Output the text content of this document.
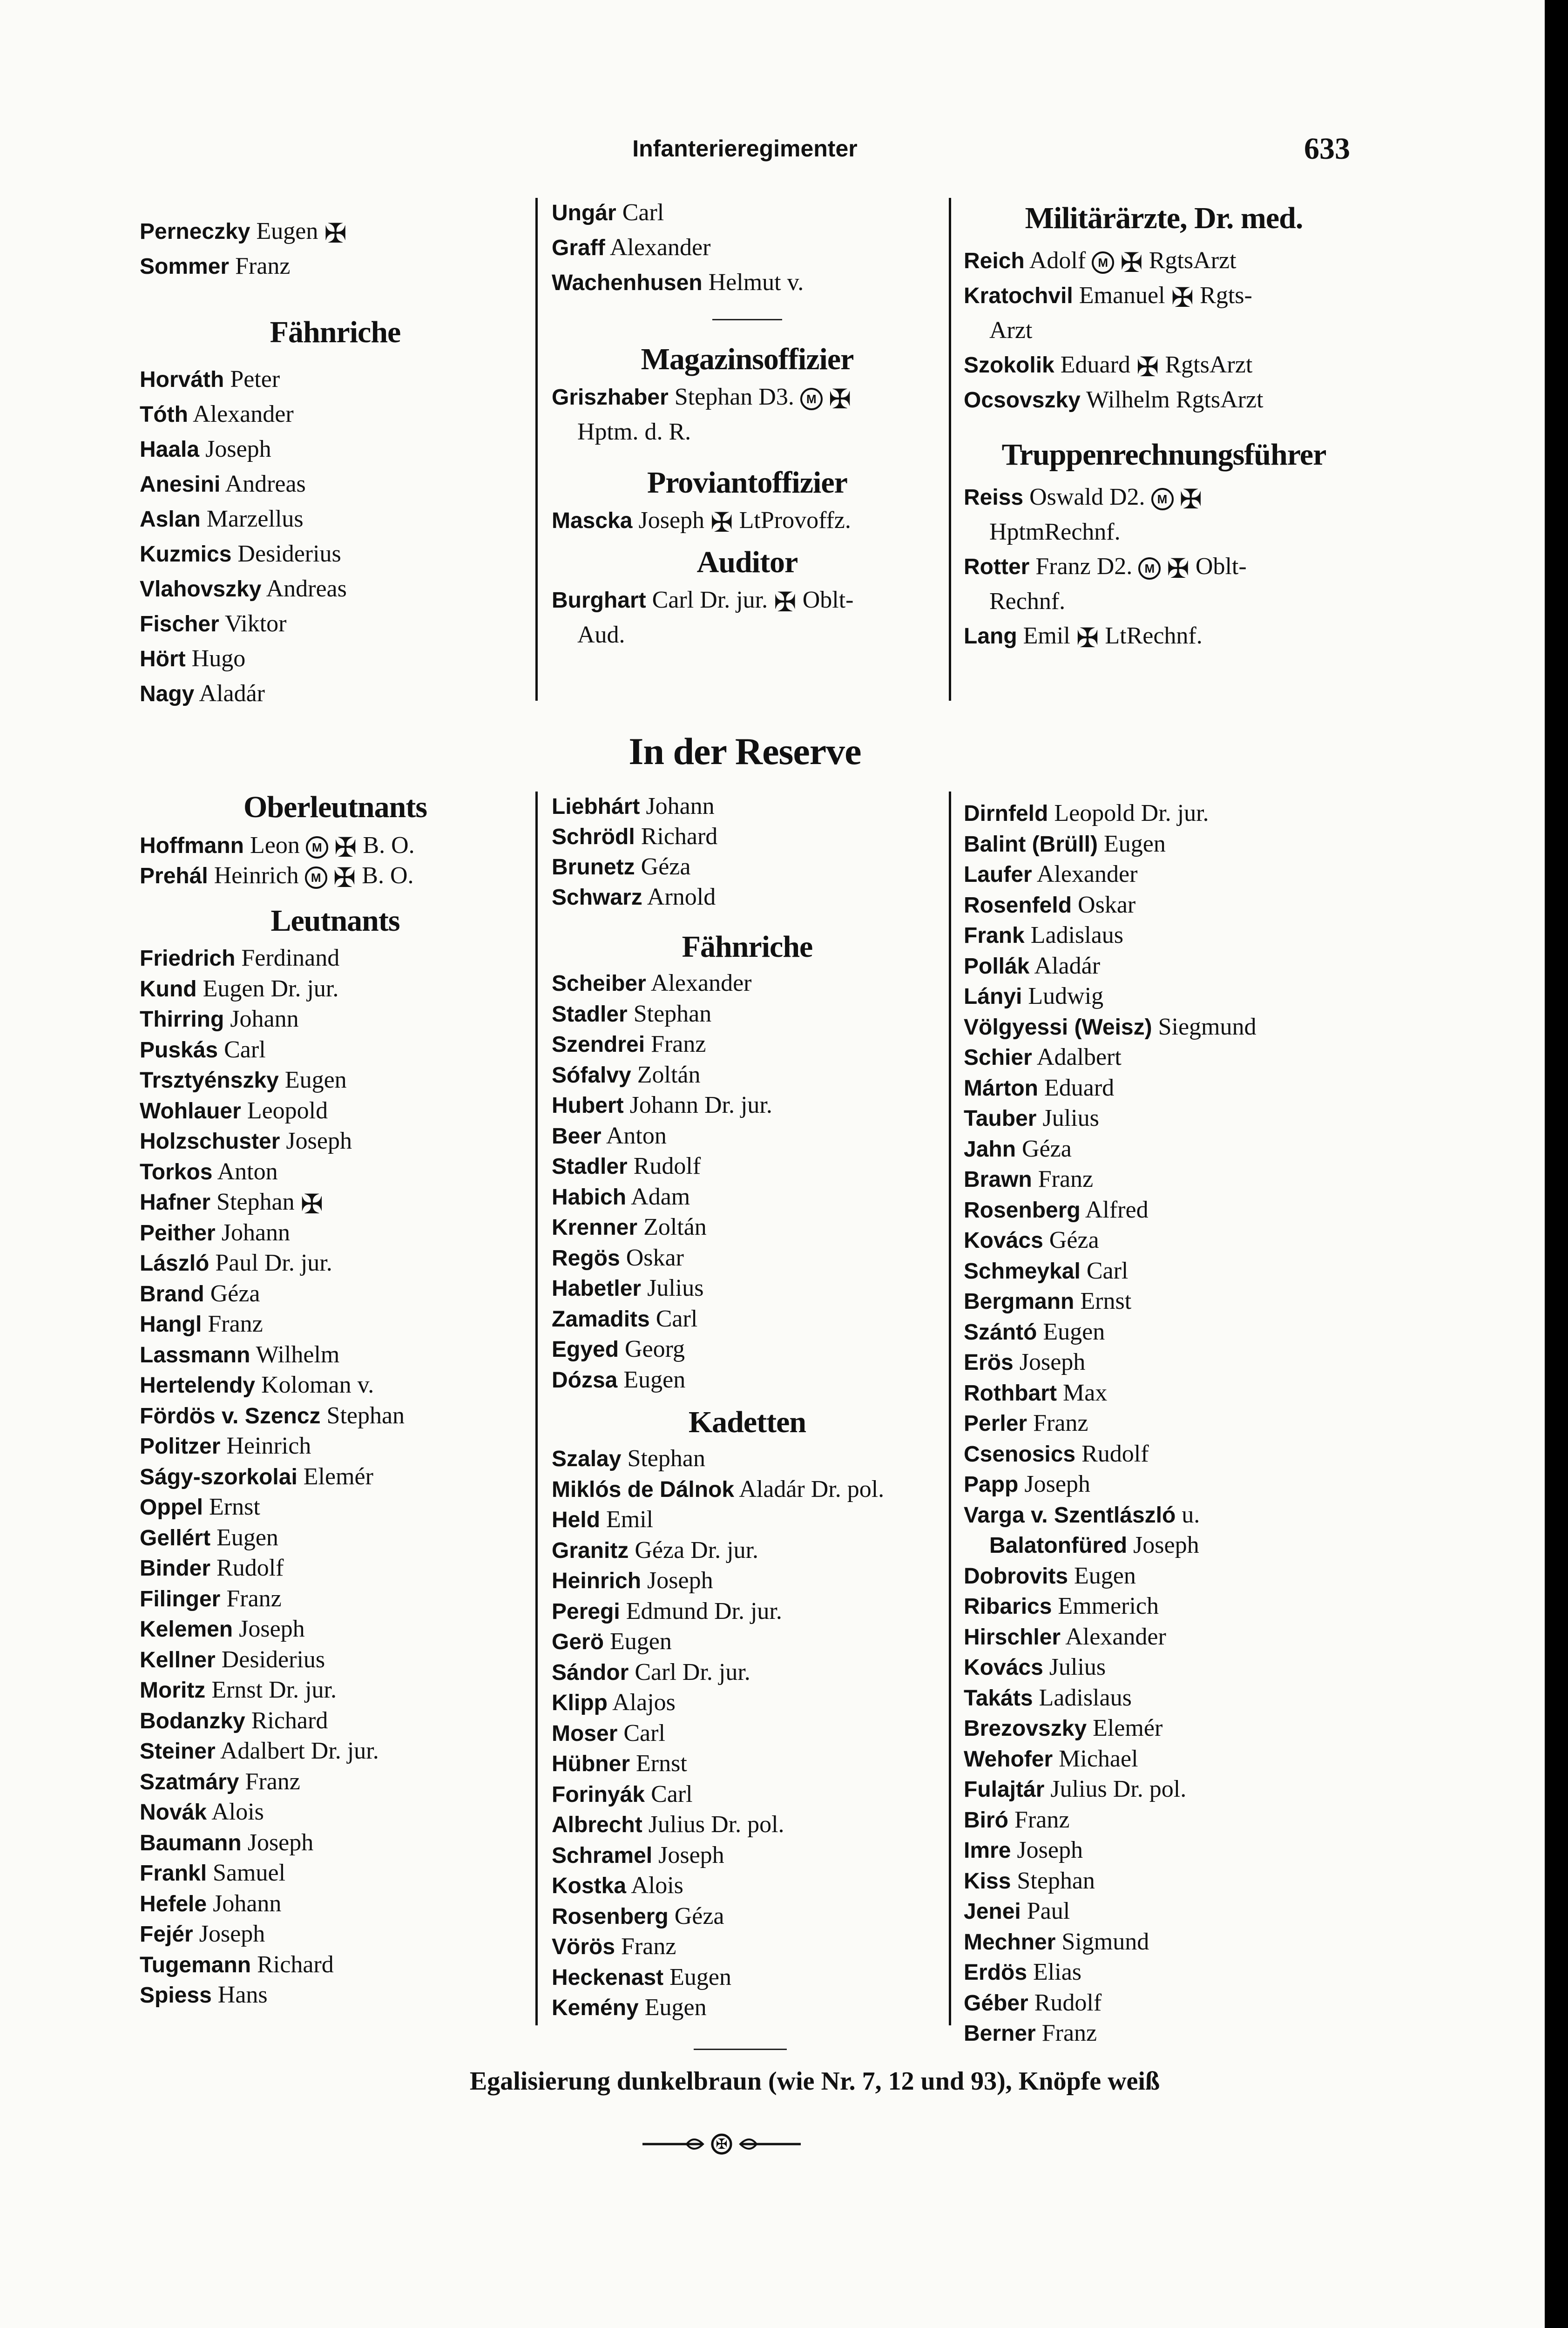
Infanterieregimenter	633
Perneczky Eugen ✠
Sommer Franz
Fähnriche
Horváth Peter
Tóth Alexander
Haala Joseph
Anesini Andreas
Aslan Marzellus
Kuzmics Desiderius
Vlahovszky Andreas
Fischer Viktor
Hört Hugo
Nagy Aladár
Ungár Carl
Graff Alexander
Wachenhusen Helmut v.
Magazinsoffizier
Griszhaber Stephan D3. M ✠
Hptm. d. R.
Proviantoffizier
Mascka Joseph ✠ LtProvoffz.
Auditor
Burghart Carl Dr. jur. ✠ Oblt-
Aud.
Militärärzte, Dr. med.
Reich Adolf M ✠ RgtsArzt
Kratochvil Emanuel ✠ Rgts-
Arzt
Szokolik Eduard ✠ RgtsArzt
Ocsovszky Wilhelm RgtsArzt
Truppenrechnungsführer
Reiss Oswald D2. M ✠
HptmRechnf.
Rotter Franz D2. M ✠ Oblt-
Rechnf.
Lang Emil ✠ LtRechnf.
In der Reserve
Oberleutnants
Hoffmann Leon M ✠ B. O.
Prehál Heinrich M ✠ B. O.
Leutnants
Friedrich Ferdinand
Kund Eugen Dr. jur.
Thirring Johann
Puskás Carl
Trsztyénszky Eugen
Wohlauer Leopold
Holzschuster Joseph
Torkos Anton
Hafner Stephan ✠
Peither Johann
László Paul Dr. jur.
Brand Géza
Hangl Franz
Lassmann Wilhelm
Hertelendy Koloman v.
Fördös v. Szencz Stephan
Politzer Heinrich
Ságy-szorkolai Elemér
Oppel Ernst
Gellért Eugen
Binder Rudolf
Filinger Franz
Kelemen Joseph
Kellner Desiderius
Moritz Ernst Dr. jur.
Bodanzky Richard
Steiner Adalbert Dr. jur.
Szatmáry Franz
Novák Alois
Baumann Joseph
Frankl Samuel
Hefele Johann
Fejér Joseph
Tugemann Richard
Spiess Hans
Liebhárt Johann
Schrödl Richard
Brunetz Géza
Schwarz Arnold
Fähnriche
Scheiber Alexander
Stadler Stephan
Szendrei Franz
Sófalvy Zoltán
Hubert Johann Dr. jur.
Beer Anton
Stadler Rudolf
Habich Adam
Krenner Zoltán
Regös Oskar
Habetler Julius
Zamadits Carl
Egyed Georg
Dózsa Eugen
Kadetten
Szalay Stephan
Miklós de Dálnok Aladár Dr. pol.
Held Emil
Granitz Géza Dr. jur.
Heinrich Joseph
Peregi Edmund Dr. jur.
Gerö Eugen
Sándor Carl Dr. jur.
Klipp Alajos
Moser Carl
Hübner Ernst
Forinyák Carl
Albrecht Julius Dr. pol.
Schramel Joseph
Kostka Alois
Rosenberg Géza
Vörös Franz
Heckenast Eugen
Kemény Eugen
Dirnfeld Leopold Dr. jur.
Balint (Brüll) Eugen
Laufer Alexander
Rosenfeld Oskar
Frank Ladislaus
Pollák Aladár
Lányi Ludwig
Völgyessi (Weisz) Siegmund
Schier Adalbert
Márton Eduard
Tauber Julius
Jahn Géza
Brawn Franz
Rosenberg Alfred
Kovács Géza
Schmeykal Carl
Bergmann Ernst
Szántó Eugen
Erös Joseph
Rothbart Max
Perler Franz
Csenosics Rudolf
Papp Joseph
Varga v. Szentlászló u.
Balatonfüred Joseph
Dobrovits Eugen
Ribarics Emmerich
Hirschler Alexander
Kovács Julius
Takáts Ladislaus
Brezovszky Elemér
Wehofer Michael
Fulajtár Julius Dr. pol.
Biró Franz
Imre Joseph
Kiss Stephan
Jenei Paul
Mechner Sigmund
Erdös Elias
Géber Rudolf
Berner Franz
Egalisierung dunkelbraun (wie Nr. 7, 12 und 93), Knöpfe weiß
✠
